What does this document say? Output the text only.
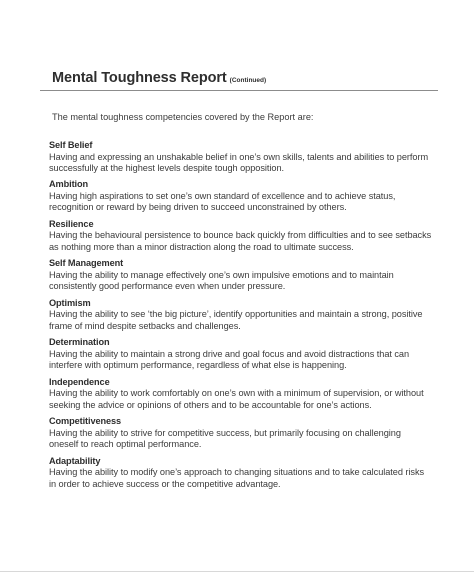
Mental Toughness Report (Continued)
The mental toughness competencies covered by the Report are:
Self Belief
Having and expressing an unshakable belief in one’s own skills, talents and abilities to perform
successfully at the highest levels despite tough opposition.
Ambition
Having high aspirations to set one’s own standard of excellence and to achieve status,
recognition or reward by being driven to succeed unconstrained by others.
Resilience
Having the behavioural persistence to bounce back quickly from difficulties and to see setbacks
as nothing more than a minor distraction along the road to ultimate success.
Self Management
Having the ability to manage effectively one’s own impulsive emotions and to maintain
consistently good performance even when under pressure.
Optimism
Having the ability to see ‘the big picture’, identify opportunities and maintain a strong, positive
frame of mind despite setbacks and challenges.
Determination
Having the ability to maintain a strong drive and goal focus and avoid distractions that can
interfere with optimum performance, regardless of what else is happening.
Independence
Having the ability to work comfortably on one’s own with a minimum of supervision, or without
seeking the advice or opinions of others and to be accountable for one’s actions.
Competitiveness
Having the ability to strive for competitive success, but primarily focusing on challenging
oneself to reach optimal performance.
Adaptability
Having the ability to modify one’s approach to changing situations and to take calculated risks
in order to achieve success or the competitive advantage.
